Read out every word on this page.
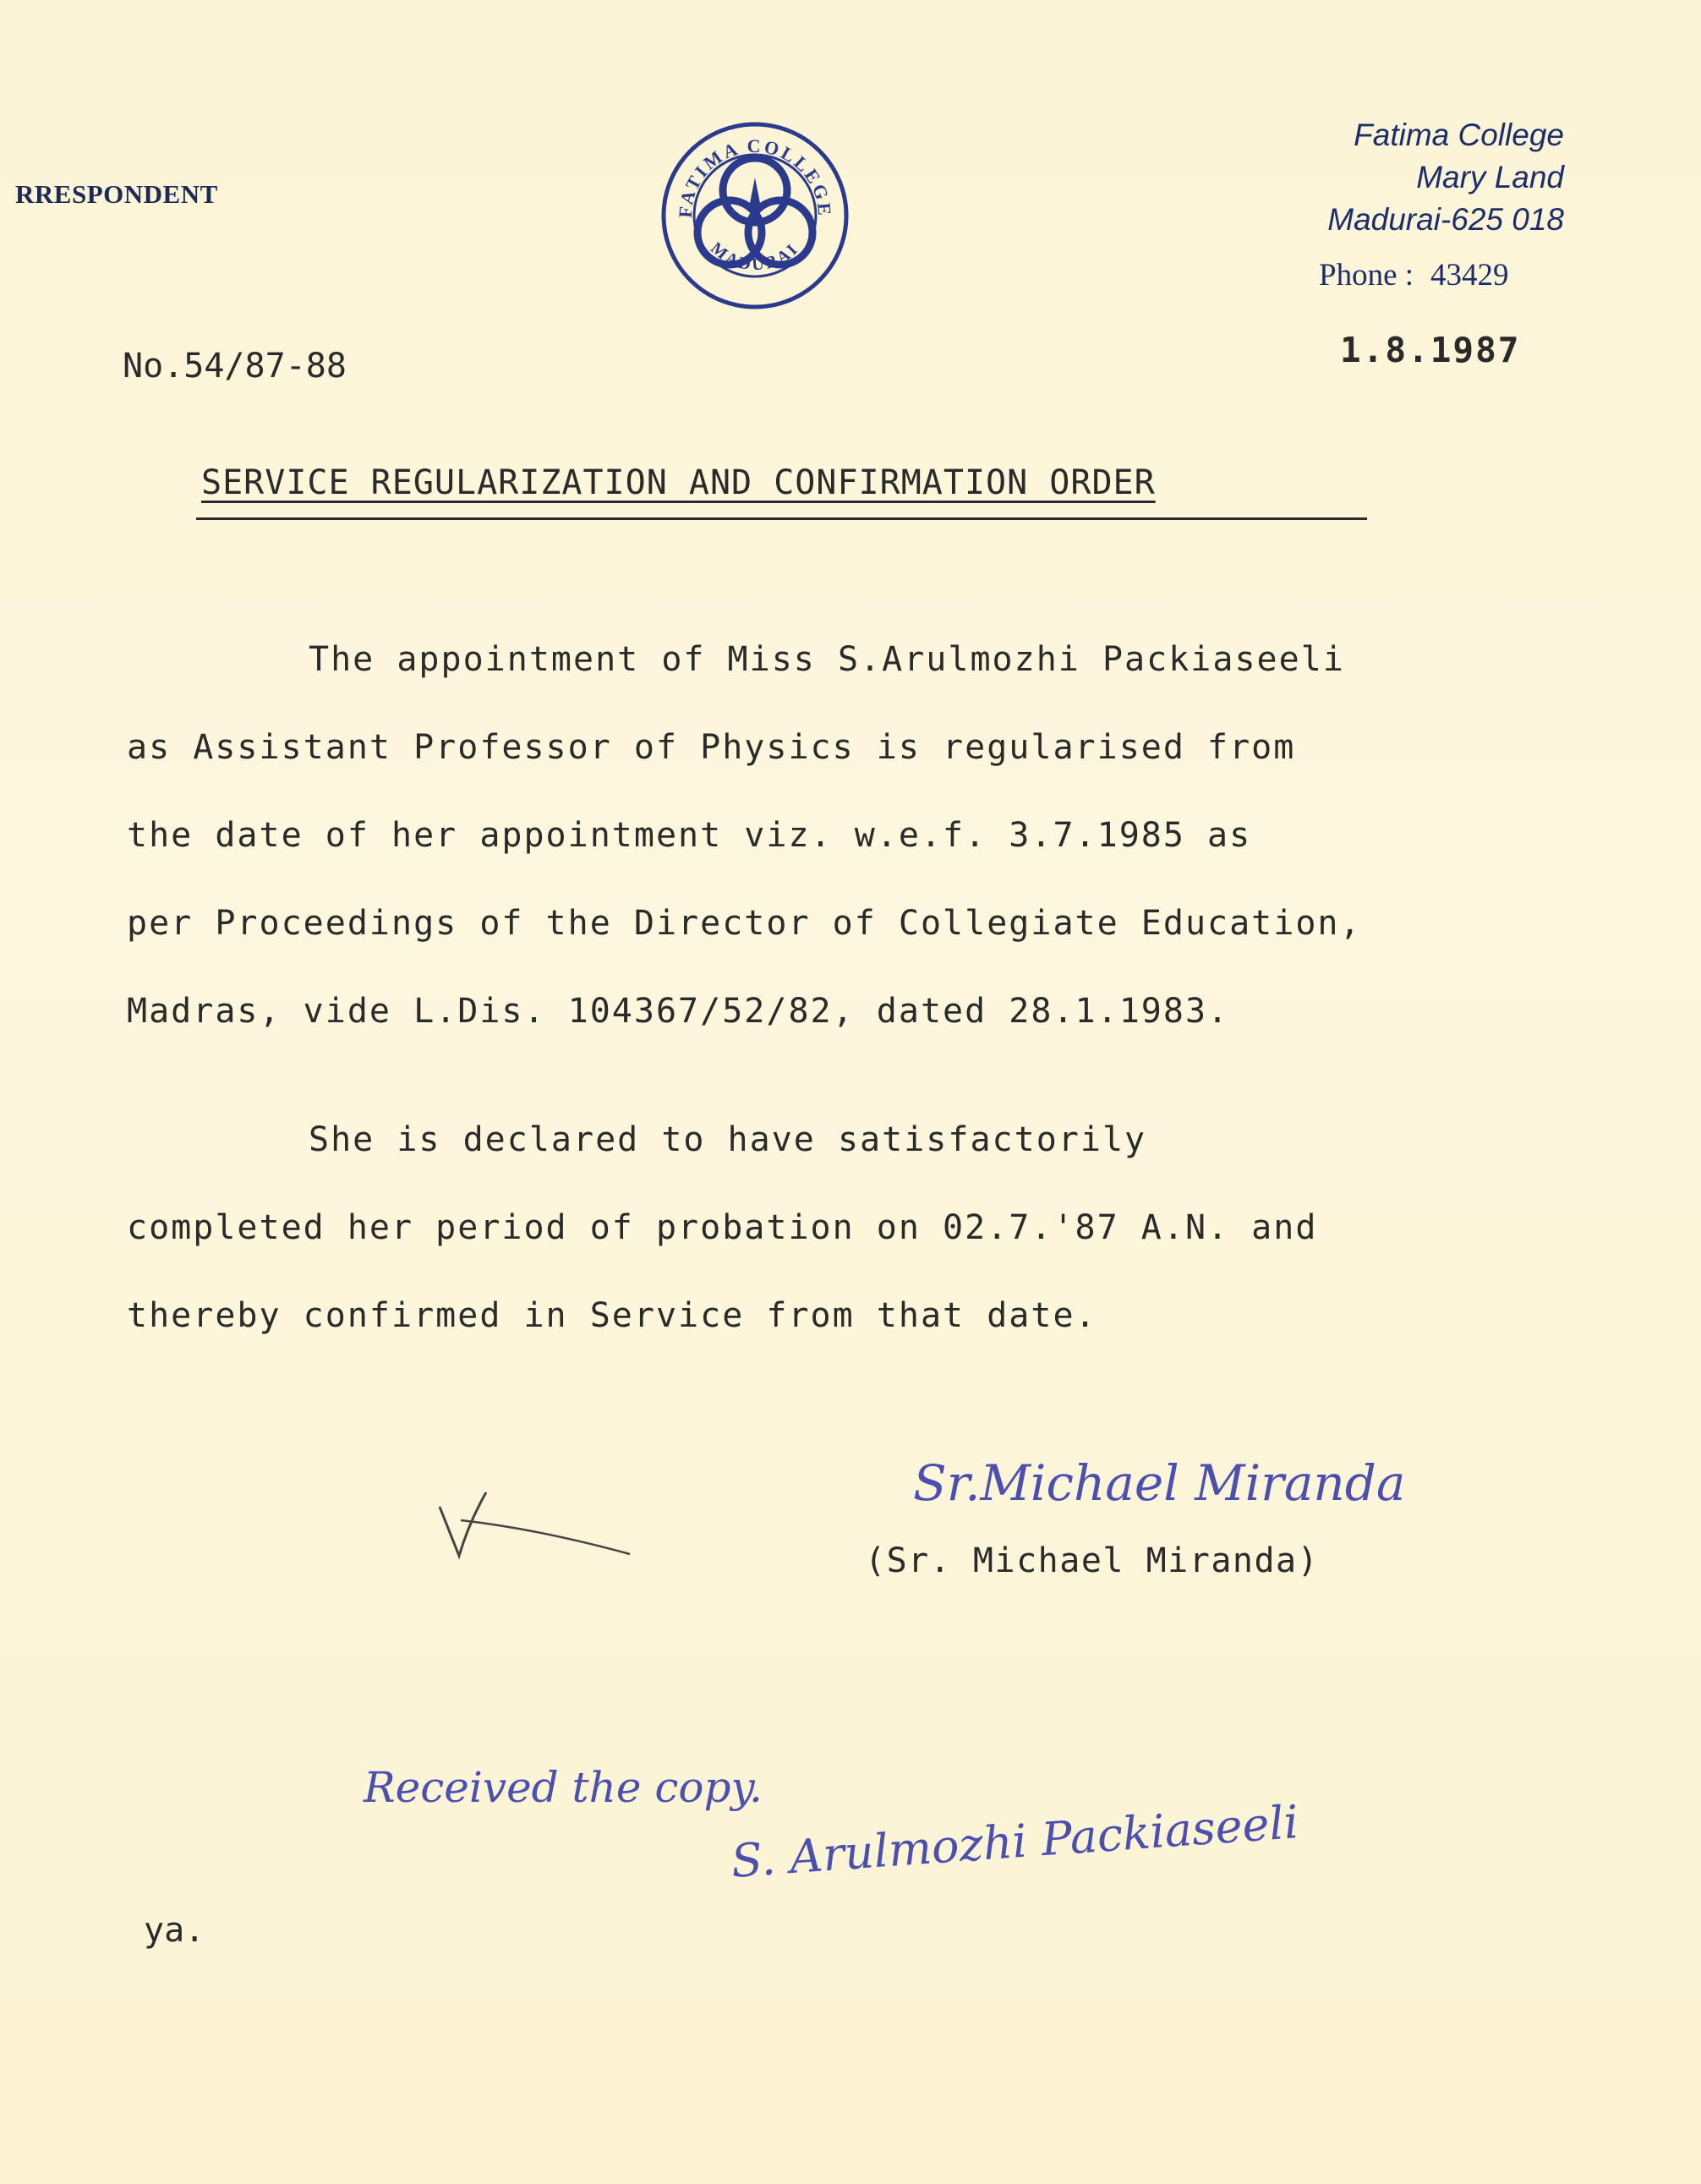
RRESPONDENT
FATIMA COLLEGE
MADURAI
Fatima College
Mary Land
Madurai-625 018
Phone : 43429
No.54/87-88	1.8.1987
SERVICE REGULARIZATION AND CONFIRMATION ORDER
The appointment of Miss S.Arulmozhi Packiaseeli
as Assistant Professor of Physics is regularised from
the date of her appointment viz. w.e.f. 3.7.1985 as
per Proceedings of the Director of Collegiate Education,
Madras, vide L.Dis. 104367/52/82, dated 28.1.1983.
She is declared to have satisfactorily
completed her period of probation on 02.7.'87 A.N. and
thereby confirmed in Service from that date.
Sr.Michael Miranda
(Sr. Michael Miranda)
Received the copy.
S. Arulmozhi Packiaseeli
ya.
